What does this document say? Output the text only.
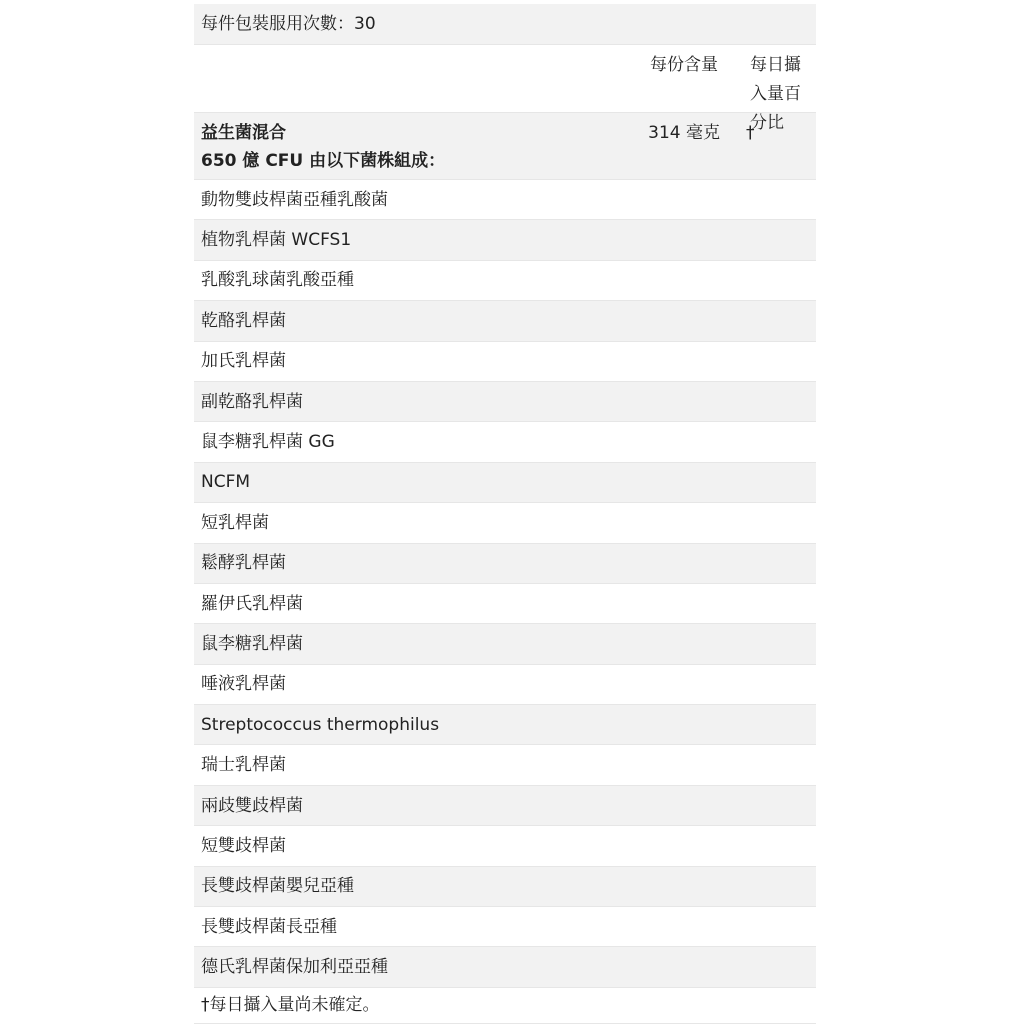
每件包裝服用次數：30
每份含量	每日攝入量百分比
益生菌混合
650 億 CFU 由以下菌株組成：
314 毫克	†
動物雙歧桿菌亞種乳酸菌
植物乳桿菌 WCFS1
乳酸乳球菌乳酸亞種
乾酪乳桿菌
加氏乳桿菌
副乾酪乳桿菌
鼠李糖乳桿菌 GG
NCFM
短乳桿菌
鬆酵乳桿菌
羅伊氏乳桿菌
鼠李糖乳桿菌
唾液乳桿菌
Streptococcus thermophilus
瑞士乳桿菌
兩歧雙歧桿菌
短雙歧桿菌
長雙歧桿菌嬰兒亞種
長雙歧桿菌長亞種
德氏乳桿菌保加利亞亞種
†每日攝入量尚未確定。
